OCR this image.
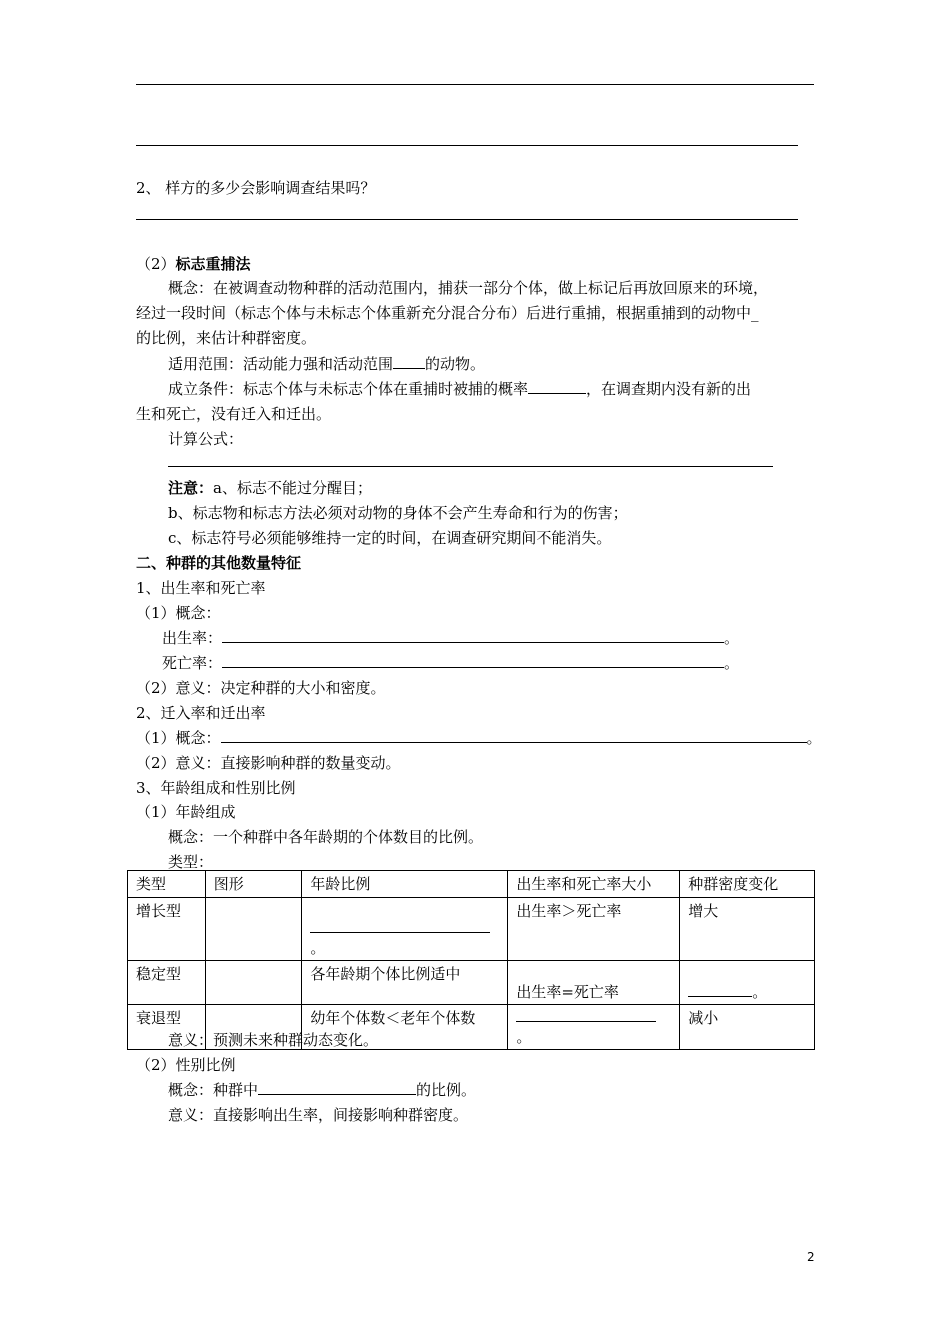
2、 样方的多少会影响调查结果吗？
（2）标志重捕法
概念：在被调查动物种群的活动范围内，捕获一部分个体，做上标记后再放回原来的环境，
经过一段时间（标志个体与未标志个体重新充分混合分布）后进行重捕，根据重捕到的动物中_
的比例，来估计种群密度。
适用范围：活动能力强和活动范围 的动物。
成立条件：标志个体与未标志个体在重捕时被捕的概率	，在调查期内没有新的出
生和死亡，没有迁入和迁出。
计算公式：
注意：a、标志不能过分醒目；
b、标志物和标志方法必须对动物的身体不会产生寿命和行为的伤害；
c、标志符号必须能够维持一定的时间，在调查研究期间不能消失。
二、种群的其他数量特征
1、出生率和死亡率
（1）概念：
出生率：	。
死亡率：	。
（2）意义：决定种群的大小和密度。
2、迁入率和迁出率
（1）概念：	。
（2）意义：直接影响种群的数量变动。
3、年龄组成和性别比例
（1）年龄组成
概念：一个种群中各年龄期的个体数目的比例。
类型：
类型	图形	年龄比例	出生率和死亡率大小	种群密度变化
增长型		。	出生率＞死亡率	增大
稳定型		各年龄期个体比例适中	出生率=死亡率	。
衰退型		幼年个体数＜老年个体数	。	减小
意义：预测未来种群动态变化。
（2）性别比例
概念：种群中	的比例。
意义：直接影响出生率，间接影响种群密度。
2
